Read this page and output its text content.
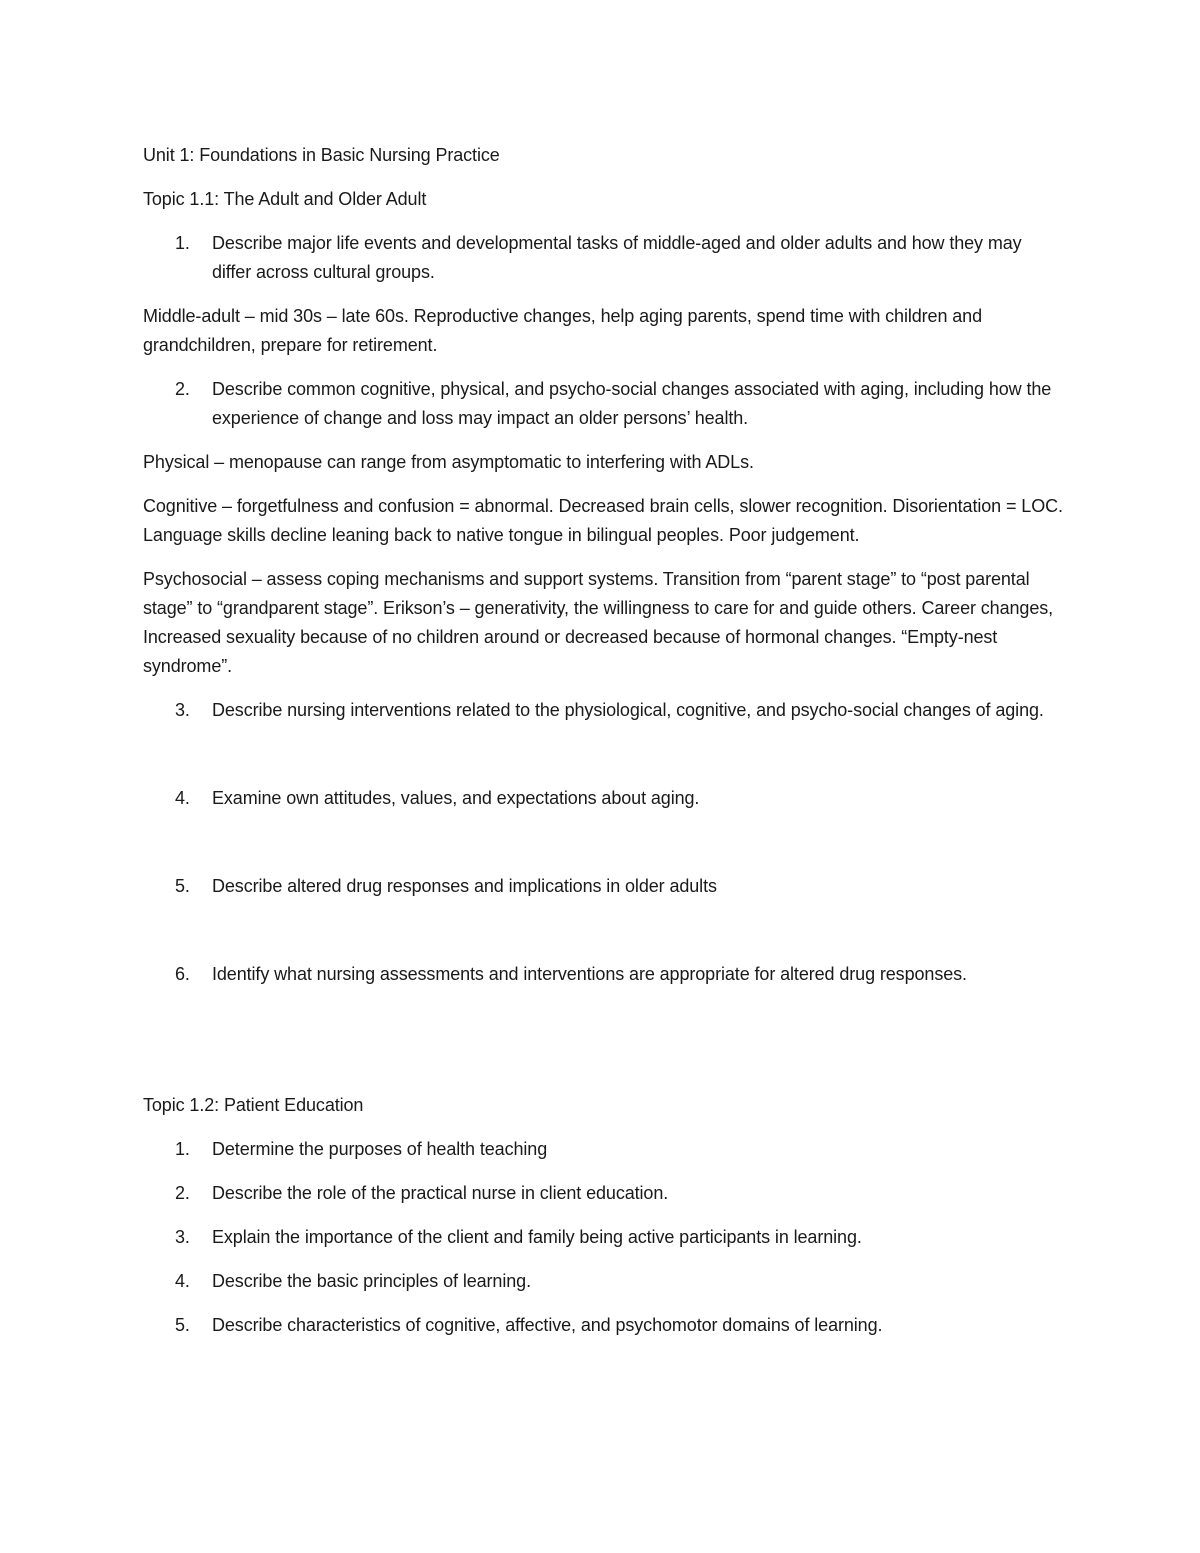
Unit 1: Foundations in Basic Nursing Practice

Topic 1.1: The Adult and Older Adult

1. Describe major life events and developmental tasks of middle-aged and older adults and how they may differ across cultural groups.

Middle-adult – mid 30s – late 60s. Reproductive changes, help aging parents, spend time with children and grandchildren, prepare for retirement.

2. Describe common cognitive, physical, and psycho-social changes associated with aging, including how the experience of change and loss may impact an older persons’ health.

Physical – menopause can range from asymptomatic to interfering with ADLs.

Cognitive – forgetfulness and confusion = abnormal. Decreased brain cells, slower recognition. Disorientation = LOC. Language skills decline leaning back to native tongue in bilingual peoples. Poor judgement.

Psychosocial – assess coping mechanisms and support systems. Transition from “parent stage” to “post parental stage” to “grandparent stage”. Erikson’s – generativity, the willingness to care for and guide others. Career changes, Increased sexuality because of no children around or decreased because of hormonal changes. “Empty-nest syndrome”.

3. Describe nursing interventions related to the physiological, cognitive, and psycho-social changes of aging.
4. Examine own attitudes, values, and expectations about aging.
5. Describe altered drug responses and implications in older adults
6. Identify what nursing assessments and interventions are appropriate for altered drug responses.

Topic 1.2: Patient Education

1. Determine the purposes of health teaching
2. Describe the role of the practical nurse in client education.
3. Explain the importance of the client and family being active participants in learning.
4. Describe the basic principles of learning.
5. Describe characteristics of cognitive, affective, and psychomotor domains of learning.
